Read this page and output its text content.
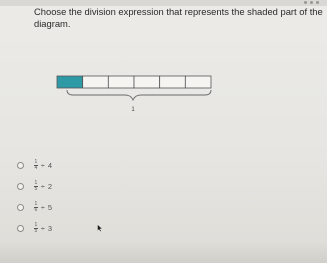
Choose the division expression that represents the shaded part of the diagram.

1
$\frac{1}{4} \div 4$
$\frac{1}{5} \div 2$
$\frac{1}{6} \div 5$
$\frac{1}{5} \div 3$
